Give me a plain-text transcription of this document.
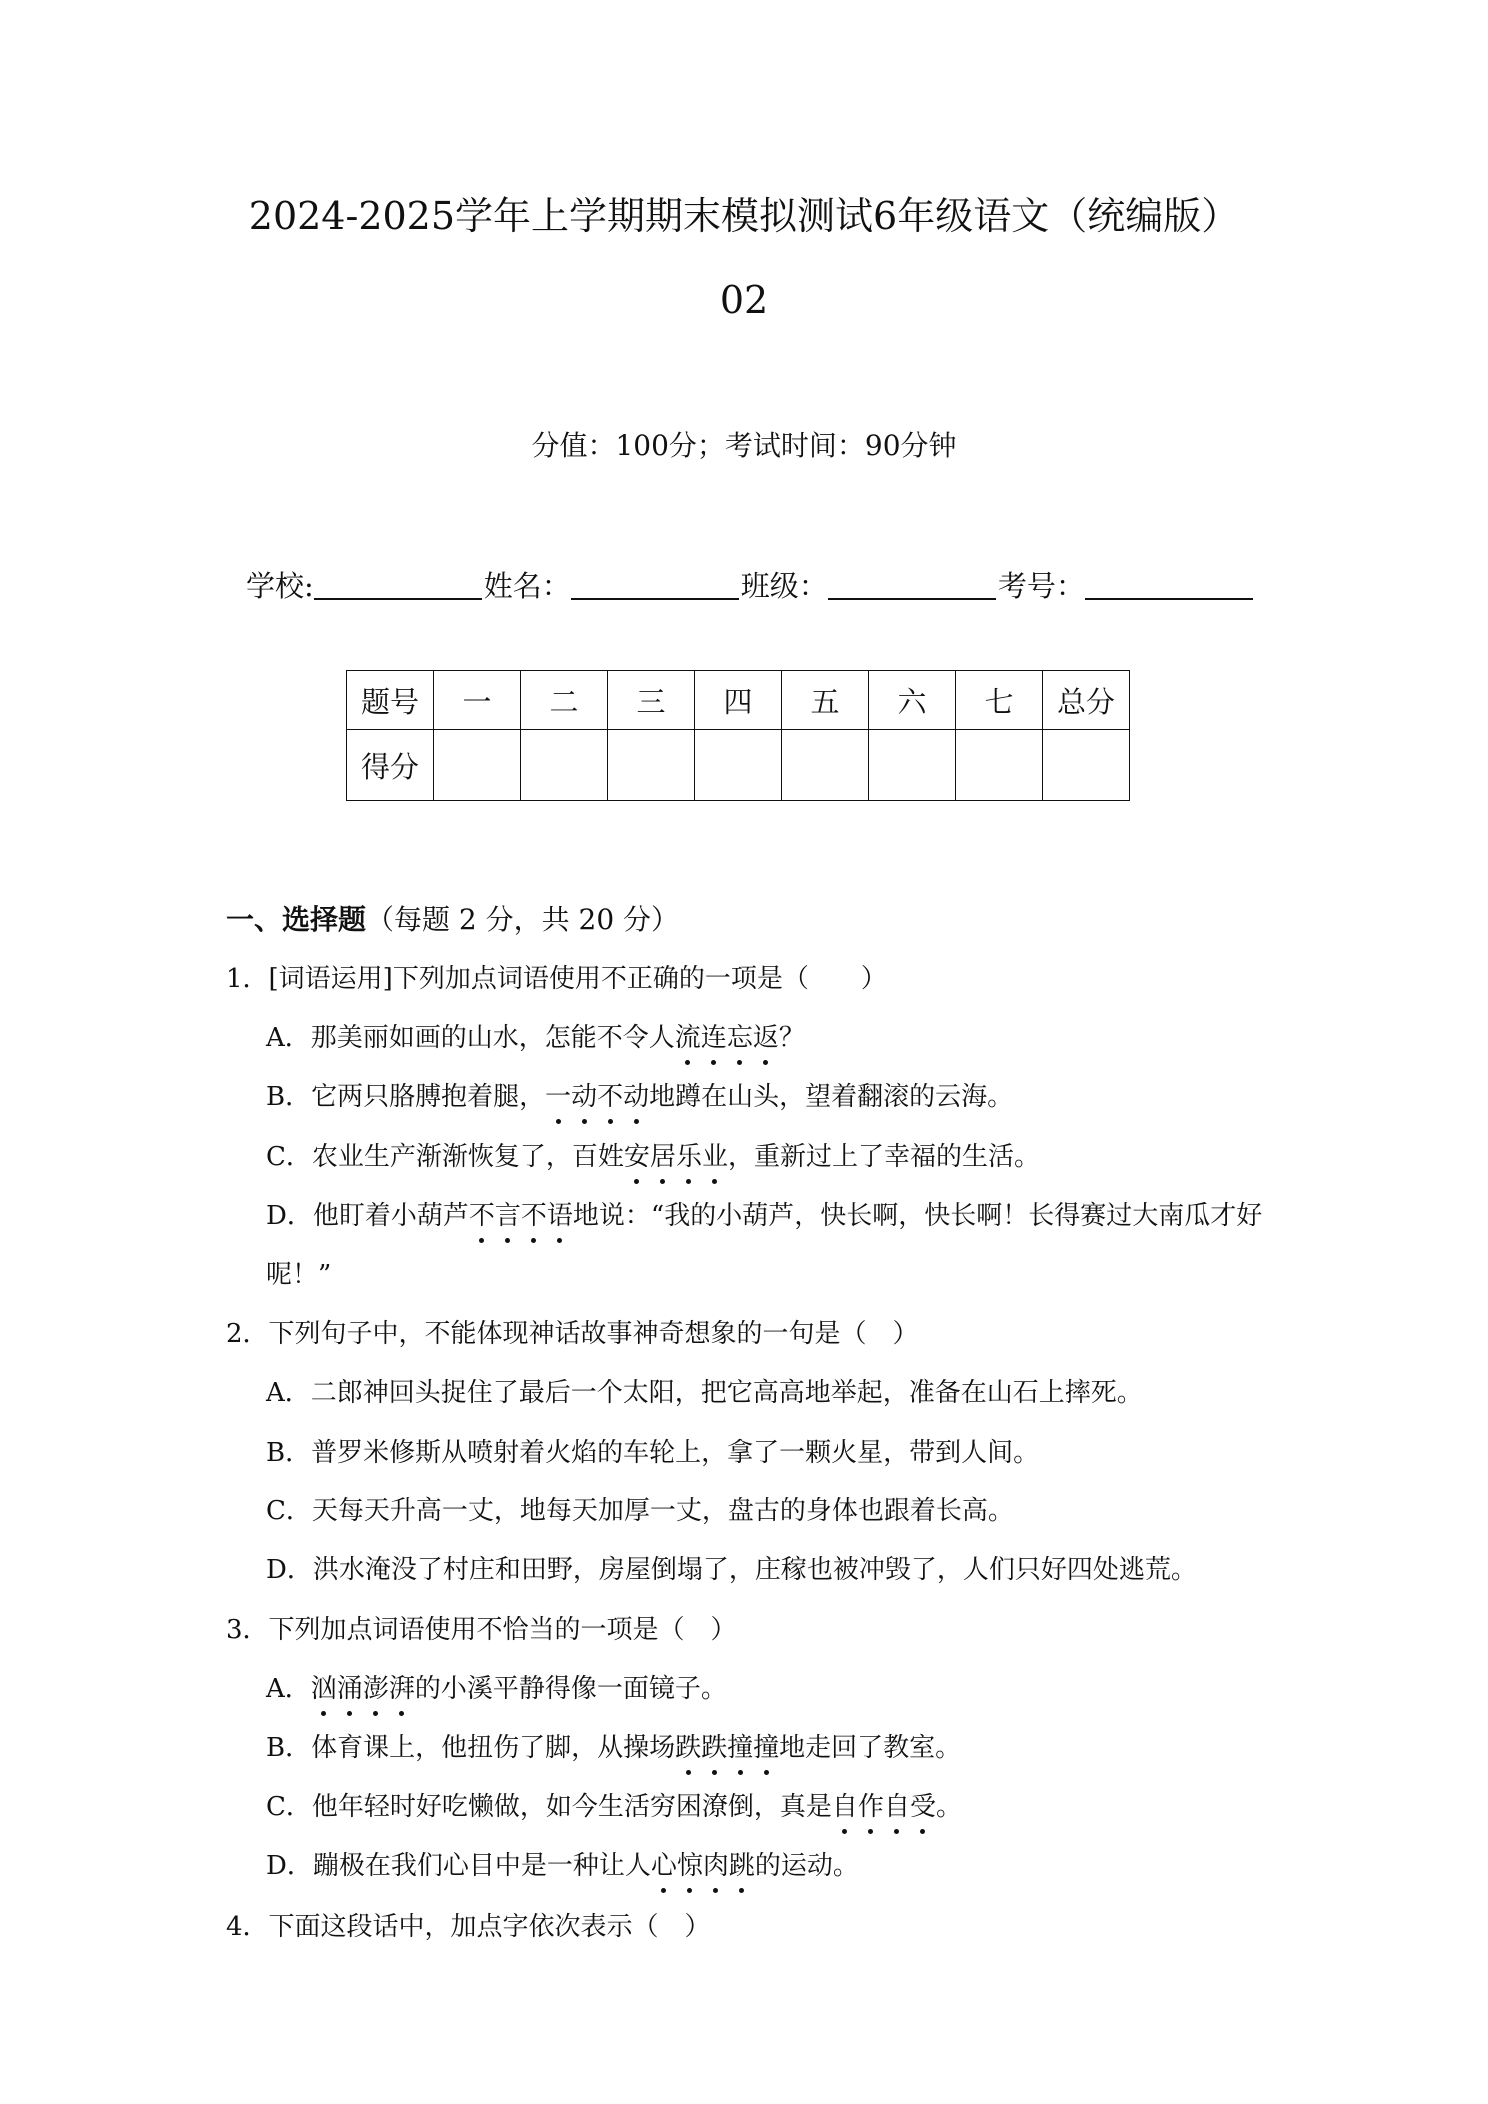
2024-2025学年上学期期末模拟测试6年级语文（统编版）
02
分值：100分；考试时间：90分钟
学校:	姓名：	班级：	考号：
题号	一	二	三	四	五	六	七	总分
得分								
一、选择题（每题 2 分，共 20 分）
1．[词语运用]下列加点词语使用不正确的一项是（　　）
A．那美丽如画的山水，怎能不令人流连忘返？
B．它两只胳膊抱着腿，一动不动地蹲在山头，望着翻滚的云海。
C．农业生产渐渐恢复了，百姓安居乐业，重新过上了幸福的生活。
D．他盯着小葫芦不言不语地说：“我的小葫芦，快长啊，快长啊！长得赛过大南瓜才好
呢！”
2．下列句子中，不能体现神话故事神奇想象的一句是（　）
A．二郎神回头捉住了最后一个太阳，把它高高地举起，准备在山石上摔死。
B．普罗米修斯从喷射着火焰的车轮上，拿了一颗火星，带到人间。
C．天每天升高一丈，地每天加厚一丈，盘古的身体也跟着长高。
D．洪水淹没了村庄和田野，房屋倒塌了，庄稼也被冲毁了，人们只好四处逃荒。
3．下列加点词语使用不恰当的一项是（　）
A．汹涌澎湃的小溪平静得像一面镜子。
B．体育课上，他扭伤了脚，从操场跌跌撞撞地走回了教室。
C．他年轻时好吃懒做，如今生活穷困潦倒，真是自作自受。
D．蹦极在我们心目中是一种让人心惊肉跳的运动。
4．下面这段话中，加点字依次表示（　）
